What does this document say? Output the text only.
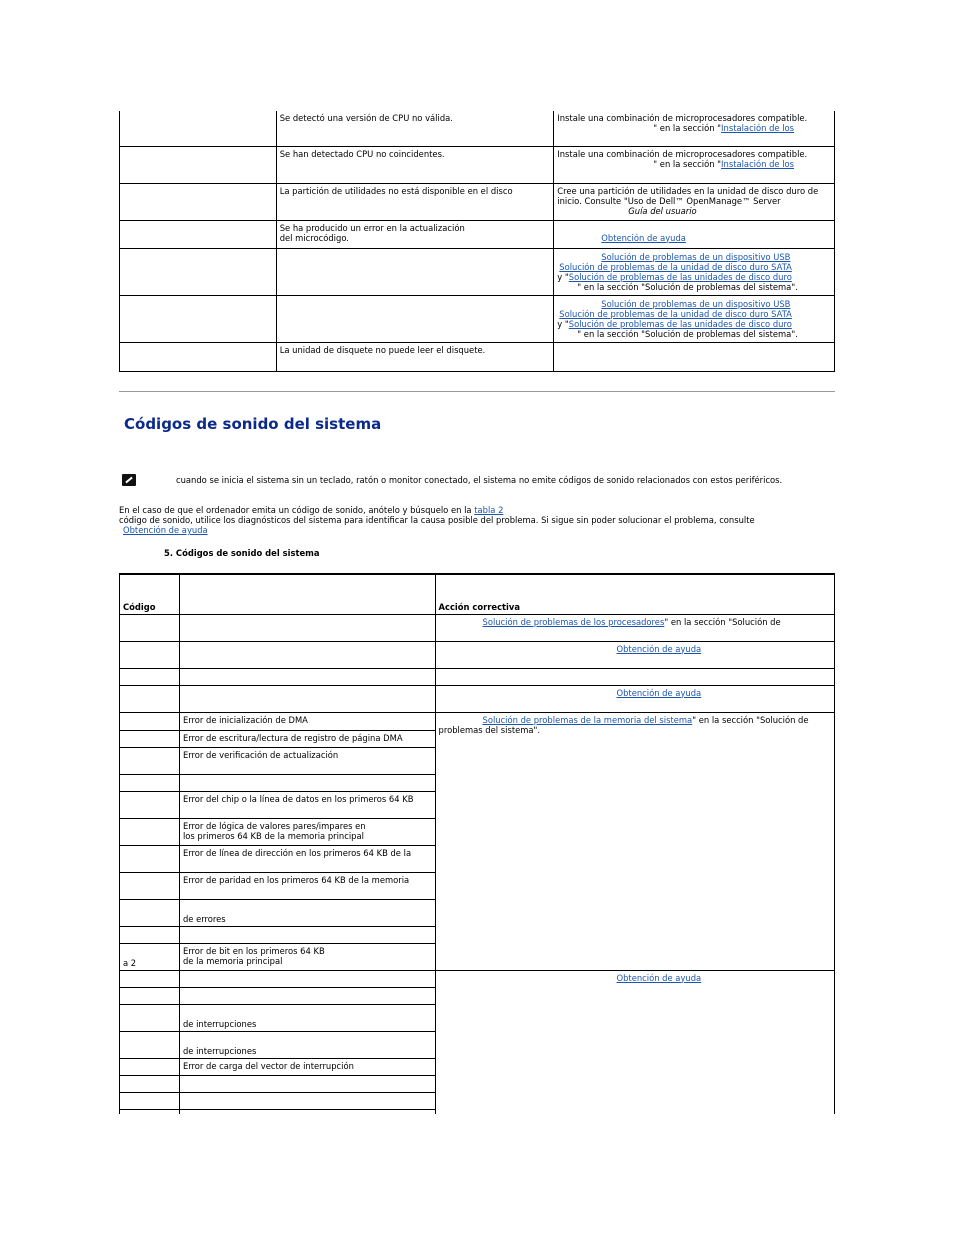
	Se detectó una versión de CPU no válida.	Instale una combinación de microprocesadores compatible.
" en la sección "Instalación de los

	Se han detectado CPU no coincidentes.	Instale una combinación de microprocesadores compatible.
" en la sección "Instalación de los

	La partición de utilidades no está disponible en el disco	Cree una partición de utilidades en la unidad de disco duro de inicio. Consulte "Uso de Dell™ OpenManage™ Server
Guía del usuario
	Se ha producido un error en la actualización
del microcódigo.	Obtención de ayuda
		Solución de problemas de un dispositivo USB
Solución de problemas de la unidad de disco duro SATA
y "Solución de problemas de las unidades de disco duro
" en la sección "Solución de problemas del sistema".
		Solución de problemas de un dispositivo USB
Solución de problemas de la unidad de disco duro SATA
y "Solución de problemas de las unidades de disco duro
" en la sección "Solución de problemas del sistema".
	La unidad de disquete no puede leer el disquete.	
Códigos de sonido del sistema
cuando se inicia el sistema sin un teclado, ratón o monitor conectado, el sistema no emite códigos de sonido relacionados con estos periféricos.
En el caso de que el ordenador emita un código de sonido, anótelo y búsquelo en la tabla 2
código de sonido, utilice los diagnósticos del sistema para identificar la causa posible del problema. Si sigue sin poder solucionar el problema, consulte
Obtención de ayuda
5. Códigos de sonido del sistema
Código		Acción correctiva
		Solución de problemas de los procesadores" en la sección "Solución de
		Obtención de ayuda

		Obtención de ayuda
	Error de inicialización de DMA	Solución de problemas de la memoria del sistema" en la sección "Solución de
problemas del sistema".
	Error de escritura/lectura de registro de página DMA	
	Error de verificación de actualización	

	Error del chip o la línea de datos en los primeros 64 KB	
	Error de lógica de valores pares/impares en
los primeros 64 KB de la memoria principal	
	Error de línea de dirección en los primeros 64 KB de la	
	Error de paridad en los primeros 64 KB de la memoria	
	de errores	

a 2	Error de bit en los primeros 64 KB
de la memoria principal	
		Obtención de ayuda

	de interrupciones	
	de interrupciones	
	Error de carga del vector de interrupción	
